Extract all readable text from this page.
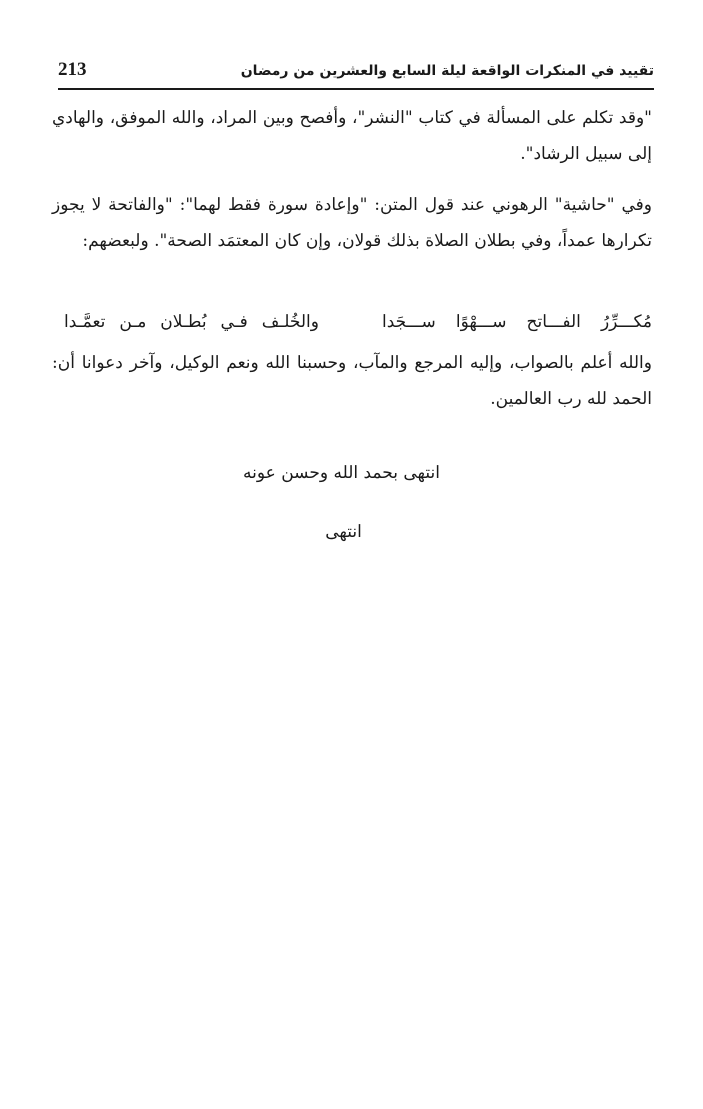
213	تقييد في المنكرات الواقعة ليلة السابع والعشرين من رمضان

"وقد تكلم على المسألة في كتاب "النشر"، وأفصح وبين المراد، والله الموفق، والهادي إلى سبيل الرشاد".

وفي "حاشية" الرهوني عند قول المتن: "وإعادة سورة فقط لهما": "والفاتحة لا يجوز تكرارها عمداً، وفي بطلان الصلاة بذلك قولان، وإن كان المعتمَد الصحة". ولبعضهم:

مُكـــرِّرُ الفـــاتح ســـهْوًا ســـجَدا
والخُلـف فـي بُطـلان مـن تعمَّـدا

والله أعلم بالصواب، وإليه المرجع والمآب، وحسبنا الله ونعم الوكيل، وآخر دعوانا أن: الحمد لله رب العالمين.

انتهى بحمد الله وحسن عونه
انتهى
